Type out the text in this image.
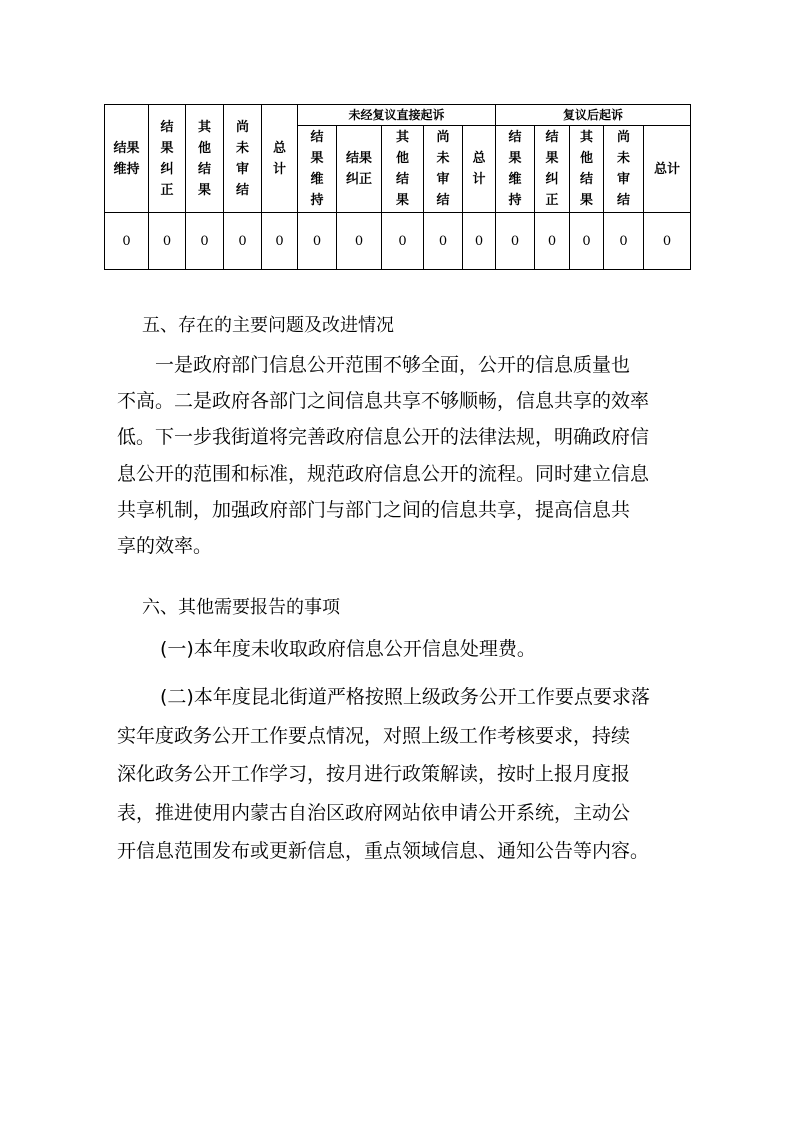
结果维持	结果纠正	其他结果	尚未审结	总计	未经复议直接起诉					复议后起诉				
					结果维持	结果纠正	其他结果	尚未审结	总计	结果维持	结果纠正	其他结果	尚未审结	总计
0	0	0	0	0	0	0	0	0	0	0	0	0	0	0
五、存在的主要问题及改进情况
一是政府部门信息公开范围不够全面，公开的信息质量也
不高。二是政府各部门之间信息共享不够顺畅，信息共享的效率
低。下一步我街道将完善政府信息公开的法律法规，明确政府信
息公开的范围和标准，规范政府信息公开的流程。同时建立信息
共享机制，加强政府部门与部门之间的信息共享，提高信息共
享的效率。
六、其他需要报告的事项
(一)本年度未收取政府信息公开信息处理费。
(二)本年度昆北街道严格按照上级政务公开工作要点要求落
实年度政务公开工作要点情况，对照上级工作考核要求，持续
深化政务公开工作学习，按月进行政策解读，按时上报月度报
表，推进使用内蒙古自治区政府网站依申请公开系统，主动公
开信息范围发布或更新信息，重点领域信息、通知公告等内容。
